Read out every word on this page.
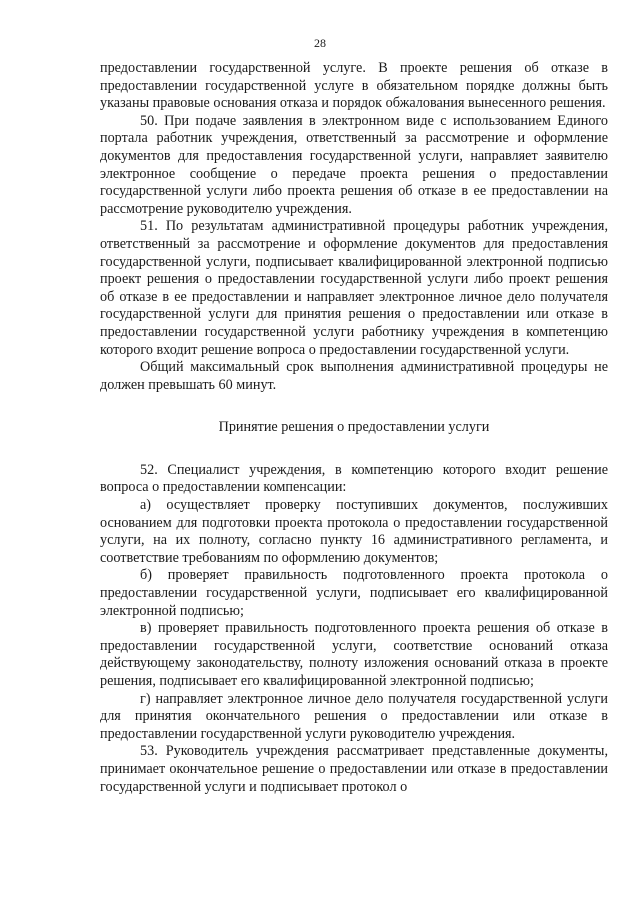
28

предоставлении государственной услуге. В проекте решения об отказе в предоставлении государственной услуге в обязательном порядке должны быть указаны правовые основания отказа и порядок обжалования вынесенного решения.

50. При подаче заявления в электронном виде с использованием Единого портала работник учреждения, ответственный за рассмотрение и оформление документов для предоставления государственной услуги, направляет заявителю электронное сообщение о передаче проекта решения о предоставлении государственной услуги либо проекта решения об отказе в ее предоставлении на рассмотрение руководителю учреждения.

51. По результатам административной процедуры работник учреждения, ответственный за рассмотрение и оформление документов для предоставления государственной услуги, подписывает квалифицированной электронной подписью проект решения о предоставлении государственной услуги либо проект решения об отказе в ее предоставлении и направляет электронное личное дело получателя государственной услуги для принятия решения о предоставлении или отказе в предоставлении государственной услуги работнику учреждения в компетенцию которого входит решение вопроса о предоставлении государственной услуги.

Общий максимальный срок выполнения административной процедуры не должен превышать 60 минут.

Принятие решения о предоставлении услуги

52. Специалист учреждения, в компетенцию которого входит решение вопроса о предоставлении компенсации:

а) осуществляет проверку поступивших документов, послуживших основанием для подготовки проекта протокола о предоставлении государственной услуги, на их полноту, согласно пункту 16 административного регламента, и соответствие требованиям по оформлению документов;

б) проверяет правильность подготовленного проекта протокола о предоставлении государственной услуги, подписывает его квалифицированной электронной подписью;

в) проверяет правильность подготовленного проекта решения об отказе в предоставлении государственной услуги, соответствие оснований отказа действующему законодательству, полноту изложения оснований отказа в проекте решения, подписывает его квалифицированной электронной подписью;

г) направляет электронное личное дело получателя государственной услуги для принятия окончательного решения о предоставлении или отказе в предоставлении государственной услуги руководителю учреждения.

53. Руководитель учреждения рассматривает представленные документы, принимает окончательное решение о предоставлении или отказе в предоставлении государственной услуги и подписывает протокол о
